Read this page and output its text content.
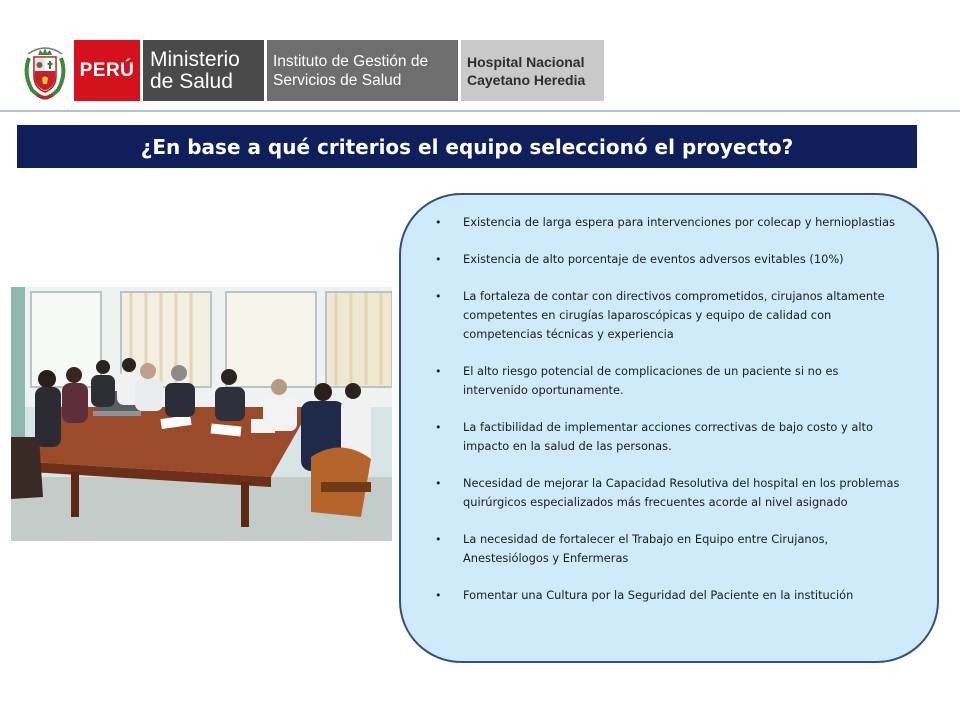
PERÚ Ministerio
de Salud
Instituto de Gestión de
Servicios de Salud
Hospital Nacional
Cayetano Heredia
¿En base a qué criterios el equipo seleccionó el proyecto?
• Existencia de larga espera para intervenciones por colecap y hernioplastias
• Existencia de alto porcentaje de eventos adversos evitables (10%)
• La fortaleza de contar con directivos comprometidos, cirujanos altamente competentes en cirugías laparoscópicas y equipo de calidad con competencias técnicas y experiencia
• El alto riesgo potencial de complicaciones de un paciente si no es intervenido oportunamente.
• La factibilidad de implementar acciones correctivas de bajo costo y alto impacto en la salud de las personas.
• Necesidad de mejorar la Capacidad Resolutiva del hospital en los problemas quirúrgicos especializados más frecuentes acorde al nivel asignado
• La necesidad de fortalecer el Trabajo en Equipo entre Cirujanos, Anestesiólogos y Enfermeras
• Fomentar una Cultura por la Seguridad del Paciente en la institución
